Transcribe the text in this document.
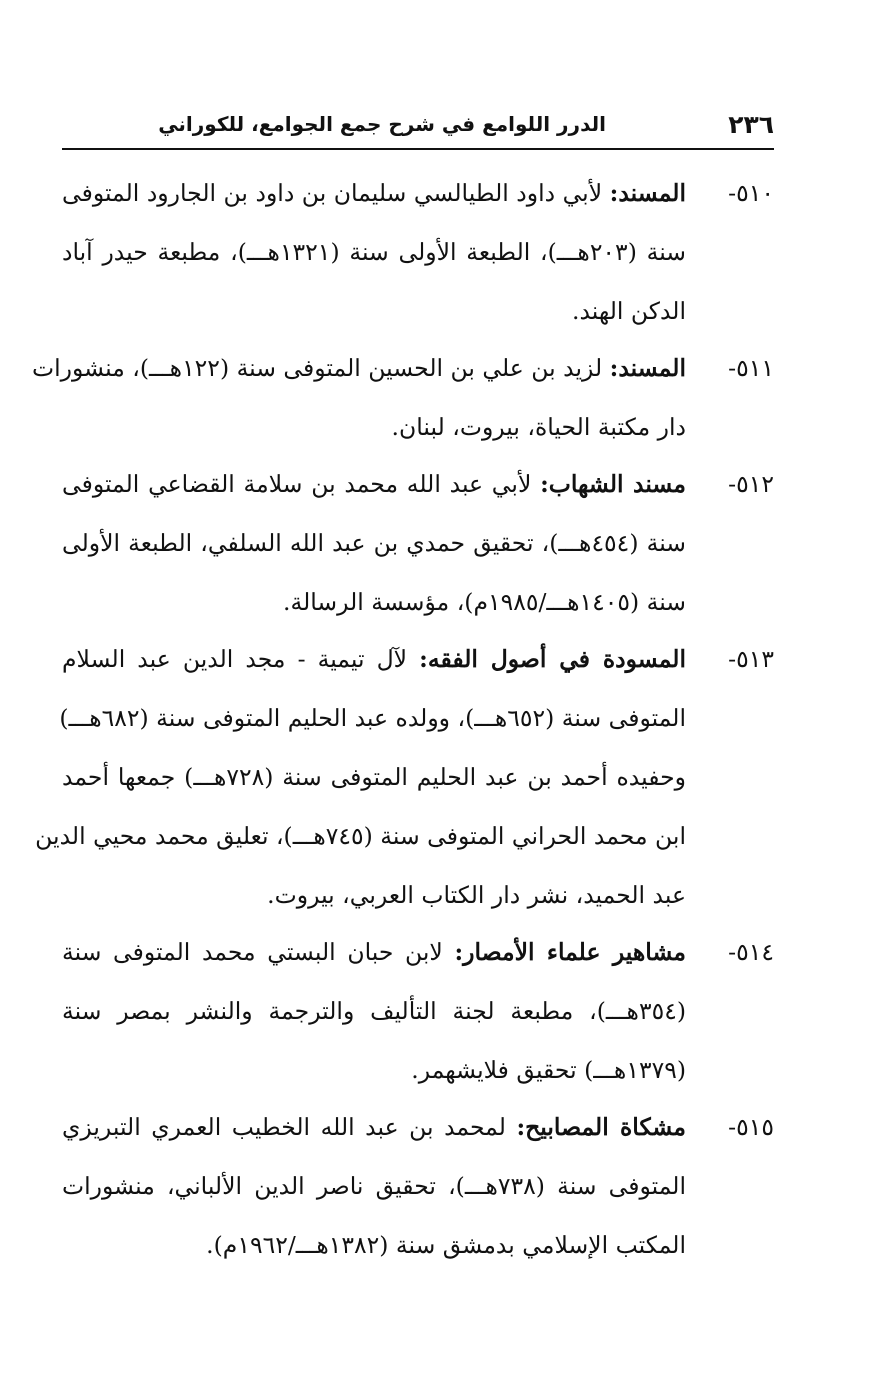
٢٣٦
الدرر اللوامع في شرح جمع الجوامع، للكوراني
٥١٠-
المسند: لأبي داود الطيالسي سليمان بن داود بن الجارود المتوفى
سنة (٢٠٣هـــ)، الطبعة الأولى سنة (١٣٢١هـــ)، مطبعة حيدر آباد
الدكن الهند.
٥١١-
المسند: لزيد بن علي بن الحسين المتوفى سنة (١٢٢هـــ)، منشورات
دار مكتبة الحياة، بيروت، لبنان.
٥١٢-
مسند الشهاب: لأبي عبد الله محمد بن سلامة القضاعي المتوفى
سنة (٤٥٤هـــ)، تحقيق حمدي بن عبد الله السلفي، الطبعة الأولى
سنة (١٤٠٥هـــ/١٩٨٥م)، مؤسسة الرسالة.
٥١٣-
المسودة في أصول الفقه: لآل تيمية - مجد الدين عبد السلام
المتوفى سنة (٦٥٢هـــ)، وولده عبد الحليم المتوفى سنة (٦٨٢هـــ)
وحفيده أحمد بن عبد الحليم المتوفى سنة (٧٢٨هـــ) جمعها أحمد
ابن محمد الحراني المتوفى سنة (٧٤٥هـــ)، تعليق محمد محيي الدين
عبد الحميد، نشر دار الكتاب العربي، بيروت.
٥١٤-
مشاهير علماء الأمصار: لابن حبان البستي محمد المتوفى سنة
(٣٥٤هـــ)، مطبعة لجنة التأليف والترجمة والنشر بمصر سنة
(١٣٧٩هـــ) تحقيق فلايشهمر.
٥١٥-
مشكاة المصابيح: لمحمد بن عبد الله الخطيب العمري التبريزي
المتوفى سنة (٧٣٨هـــ)، تحقيق ناصر الدين الألباني، منشورات
المكتب الإسلامي بدمشق سنة (١٣٨٢هـــ/١٩٦٢م).
